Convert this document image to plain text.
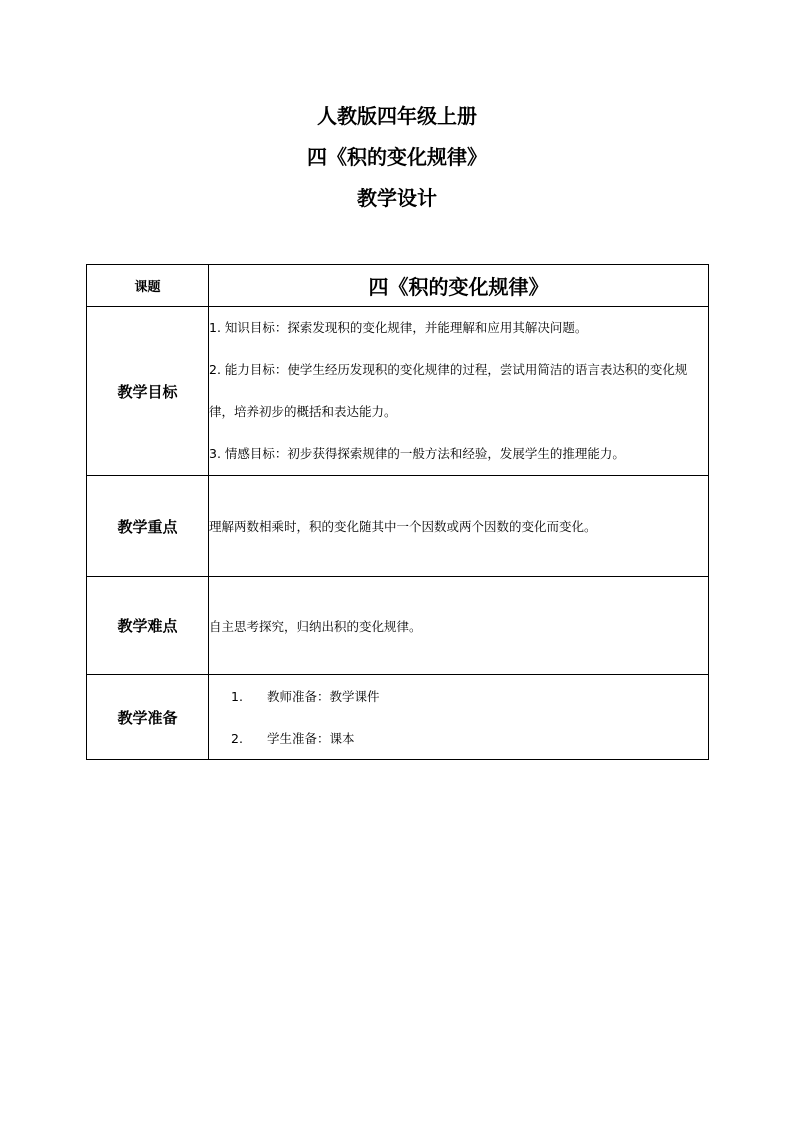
人教版四年级上册
四《积的变化规律》
教学设计
课题	四《积的变化规律》
教学目标	1. 知识目标：探索发现积的变化规律，并能理解和应用其解决问题。
2. 能力目标：使学生经历发现积的变化规律的过程，尝试用简洁的语言表达积的变化规律，培养初步的概括和表达能力。
3. 情感目标：初步获得探索规律的一般方法和经验，发展学生的推理能力。

教学重点	理解两数相乘时，积的变化随其中一个因数或两个因数的变化而变化。

教学难点	自主思考探究，归纳出积的变化规律。

教学准备	1. 教师准备：教学课件
2. 学生准备：课本
